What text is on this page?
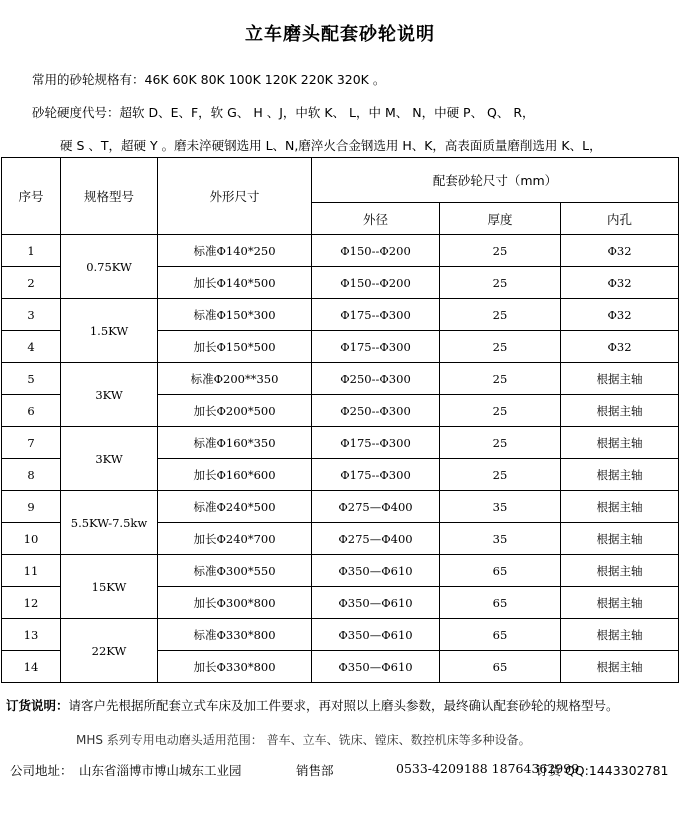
立车磨头配套砂轮说明
常用的砂轮规格有：46K 60K 80K 100K 120K 220K 320K 。
砂轮硬度代号：超软 D、E、F，软 G、 H 、J，中软 K、 L，中 M、 N，中硬 P、 Q、 R，
硬 S 、T，超硬 Y 。磨未淬硬钢选用 L、N,磨淬火合金钢选用 H、K，高表面质量磨削选用 K、L，
序号	规格型号	外形尺寸	配套砂轮尺寸（mm）		
			外径	厚度	内孔
1	0.75KW	标准Φ140*250	Φ150--Φ200	25	Φ32
2		加长Φ140*500	Φ150--Φ200	25	Φ32
3	1.5KW	标准Φ150*300	Φ175--Φ300	25	Φ32
4		加长Φ150*500	Φ175--Φ300	25	Φ32
5	3KW	标准Φ200**350	Φ250--Φ300	25	根据主轴
6		加长Φ200*500	Φ250--Φ300	25	根据主轴
7	3KW	标准Φ160*350	Φ175--Φ300	25	根据主轴
8		加长Φ160*600	Φ175--Φ300	25	根据主轴
9	5.5KW-7.5kw	标准Φ240*500	Φ275—Φ400	35	根据主轴
10		加长Φ240*700	Φ275—Φ400	35	根据主轴
11	15KW	标准Φ300*550	Φ350—Φ610	65	根据主轴
12		加长Φ300*800	Φ350—Φ610	65	根据主轴
13	22KW	标准Φ330*800	Φ350—Φ610	65	根据主轴
14		加长Φ330*800	Φ350—Φ610	65	根据主轴
订货说明：请客户先根据所配套立式车床及加工件要求，再对照以上磨头参数，最终确认配套砂轮的规格型号。
MHS 系列专用电动磨头适用范围： 普车、立车、铣床、镗床、数控机床等多种设备。
公司地址： 山东省淄博市博山城东工业园	销售部	0533-4209188 18764362999
订货 QQ:1443302781
